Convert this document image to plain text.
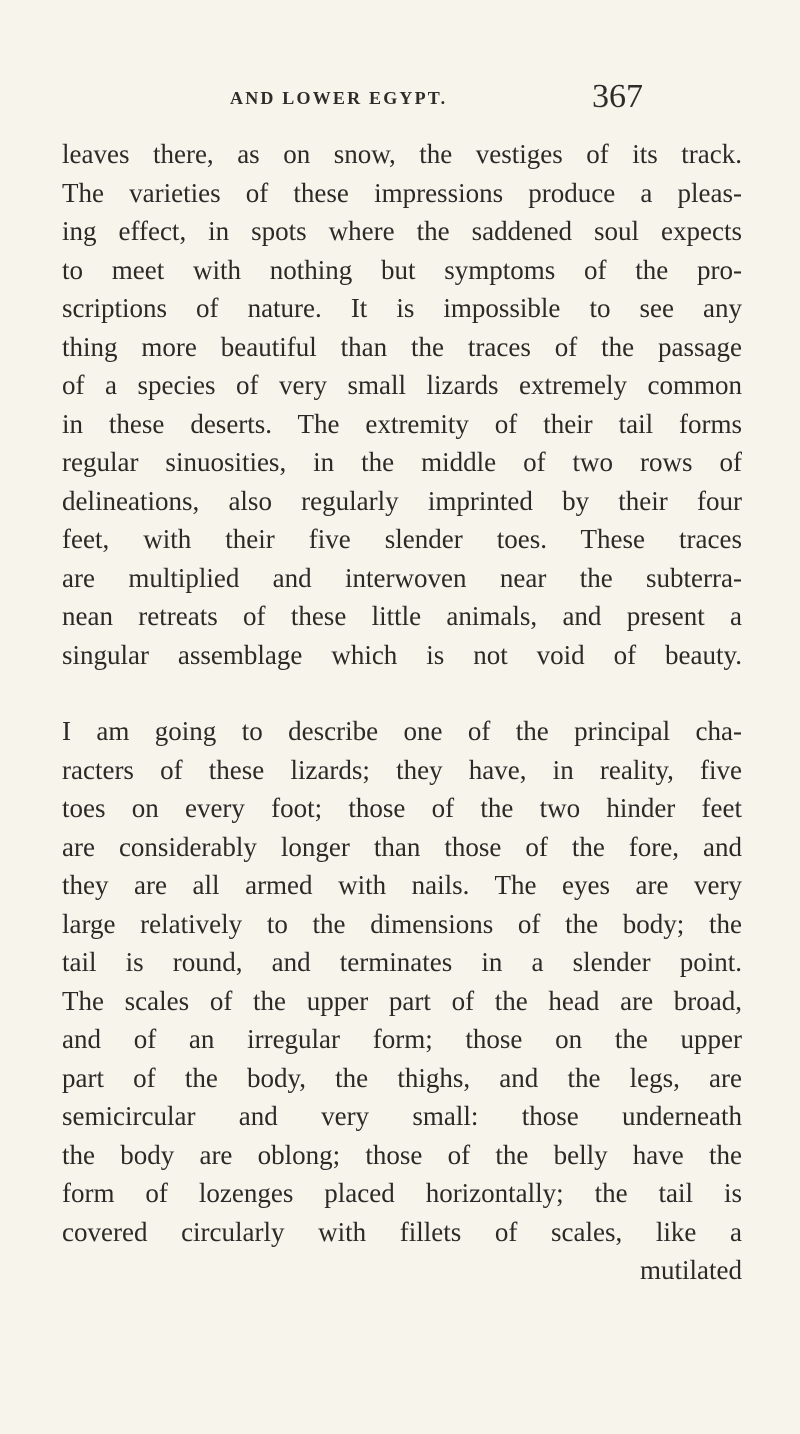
AND LOWER EGYPT.	367
leaves there, as on snow, the vestiges of its track.
The varieties of these impressions produce a pleas-
ing effect, in spots where the saddened soul expects
to meet with nothing but symptoms of the pro-
scriptions of nature. It is impossible to see any
thing more beautiful than the traces of the passage
of a species of very small lizards extremely common
in these deserts. The extremity of their tail forms
regular sinuosities, in the middle of two rows of
delineations, also regularly imprinted by their four
feet, with their five slender toes. These traces
are multiplied and interwoven near the subterra-
nean retreats of these little animals, and present a
singular assemblage which is not void of beauty.
I am going to describe one of the principal cha-
racters of these lizards; they have, in reality, five
toes on every foot; those of the two hinder feet
are considerably longer than those of the fore, and
they are all armed with nails. The eyes are very
large relatively to the dimensions of the body; the
tail is round, and terminates in a slender point.
The scales of the upper part of the head are broad,
and of an irregular form; those on the upper
part of the body, the thighs, and the legs, are
semicircular and very small: those underneath
the body are oblong; those of the belly have the
form of lozenges placed horizontally; the tail is
covered circularly with fillets of scales, like a
mutilated
